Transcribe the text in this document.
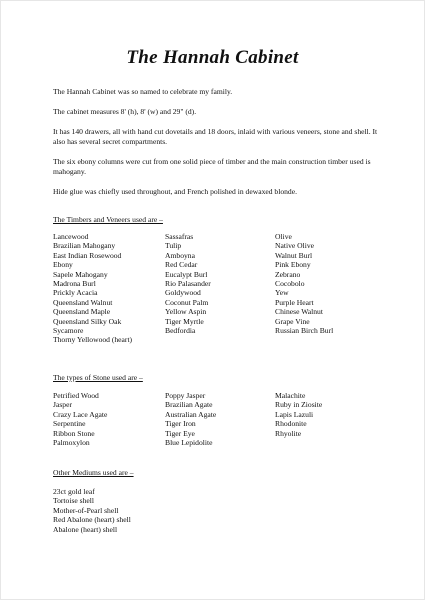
The Hannah Cabinet

The Hannah Cabinet was so named to celebrate my family.

The cabinet measures 8' (h), 8' (w) and 29" (d).

It has 140 drawers, all with hand cut dovetails and 18 doors, inlaid with various veneers, stone and shell. It also has several secret compartments.

The six ebony columns were cut from one solid piece of timber and the main construction timber used is mahogany.

Hide glue was chiefly used throughout, and French polished in dewaxed blonde.

The Timbers and Veneers used are –
Lancewood
Brazilian Mahogany
East Indian Rosewood
Ebony
Sapele Mahogany
Madrona Burl
Prickly Acacia
Queensland Walnut
Queensland Maple
Queensland Silky Oak
Sycamore
Thorny Yellowood (heart)
Sassafras
Tulip
Amboyna
Red Cedar
Eucalypt Burl
Rio Palasander
Goldywood
Coconut Palm
Yellow Aspin
Tiger Myrtle
Bedfordia
Olive
Native Olive
Walnut Burl
Pink Ebony
Zebrano
Cocobolo
Yew
Purple Heart
Chinese Walnut
Grape Vine
Russian Birch Burl
The types of Stone used are –
Petrified Wood
Jasper
Crazy Lace Agate
Serpentine
Ribbon Stone
Palmoxylon
Poppy Jasper
Brazilian Agate
Australian Agate
Tiger Iron
Tiger Eye
Blue Lepidolite
Malachite
Ruby in Ziosite
Lapis Lazuli
Rhodonite
Rhyolite
Other Mediums used are –
23ct gold leaf
Tortoise shell
Mother-of-Pearl shell
Red Abalone (heart) shell
Abalone (heart) shell
